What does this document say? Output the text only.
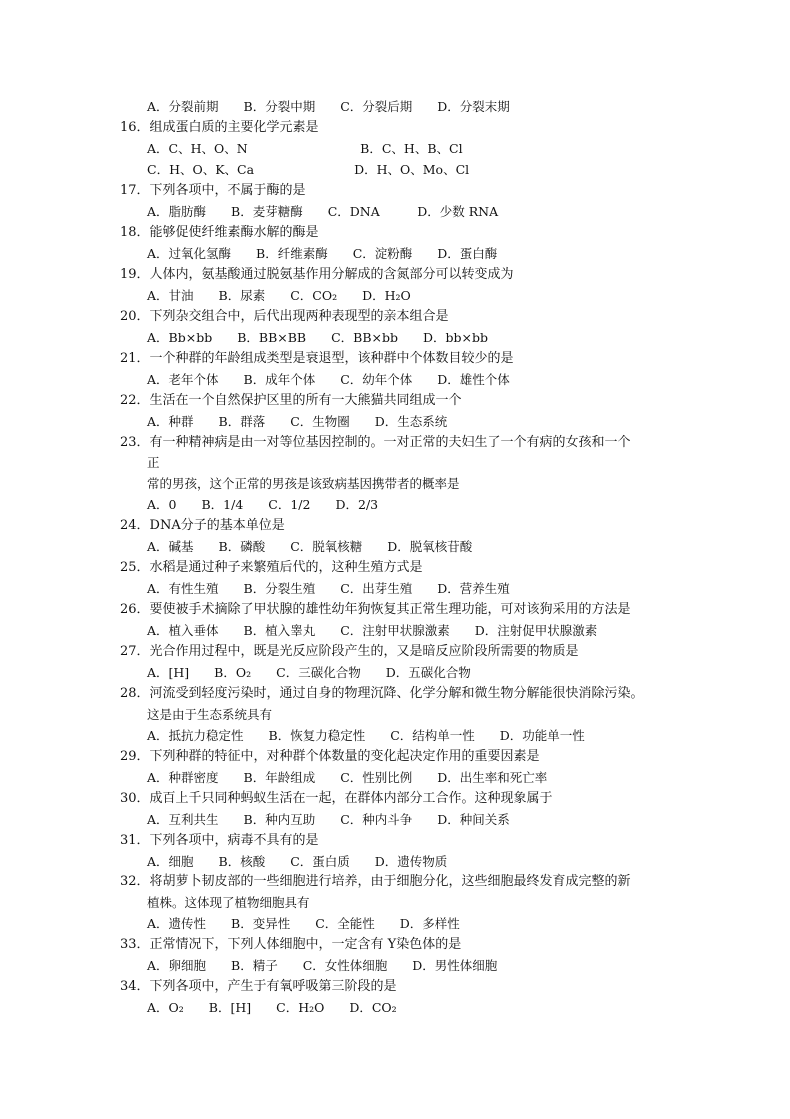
A．分裂前期　　B．分裂中期　　C．分裂后期　　D．分裂末期
16．组成蛋白质的主要化学元素是
A．C、H、O、N　　　　　　　　　B．C、H、B、Cl
C．H、O、K、Ca　　　　　　　　D．H、O、Mo、Cl
17．下列各项中，不属于酶的是
A．脂肪酶　　B．麦芽糖酶　　C．DNA　　　D．少数 RNA
18．能够促使纤维素酶水解的酶是
A．过氧化氢酶　　B．纤维素酶　　C．淀粉酶　　D．蛋白酶
19．人体内，氨基酸通过脱氨基作用分解成的含氮部分可以转变成为
A．甘油　　B．尿素　　C．CO₂　　D．H₂O
20．下列杂交组合中，后代出现两种表现型的亲本组合是
A．Bb×bb　　B．BB×BB　　C．BB×bb　　D．bb×bb
21．一个种群的年龄组成类型是衰退型，该种群中个体数目较少的是
A．老年个体　　B．成年个体　　C．幼年个体　　D．雄性个体
22．生活在一个自然保护区里的所有一大熊猫共同组成一个
A．种群　　B．群落　　C．生物圈　　D．生态系统
23．有一种精神病是由一对等位基因控制的。一对正常的夫妇生了一个有病的女孩和一个
正
常的男孩，这个正常的男孩是该致病基因携带者的概率是
A．0　　B．1/4　　C．1/2　　D．2/3
24．DNA分子的基本单位是
A．碱基　　B．磷酸　　C．脱氧核糖　　D．脱氧核苷酸
25．水稻是通过种子来繁殖后代的，这种生殖方式是
A．有性生殖　　B．分裂生殖　　C．出芽生殖　　D．营养生殖
26．要使被手术摘除了甲状腺的雄性幼年狗恢复其正常生理功能，可对该狗采用的方法是
A．植入垂体　　B．植入睾丸　　C．注射甲状腺激素　　D．注射促甲状腺激素
27．光合作用过程中，既是光反应阶段产生的，又是暗反应阶段所需要的物质是
A．[H]　　B．O₂　　C．三碳化合物　　D．五碳化合物
28．河流受到轻度污染时，通过自身的物理沉降、化学分解和微生物分解能很快消除污染。
这是由于生态系统具有
A．抵抗力稳定性　　B．恢复力稳定性　　C．结构单一性　　D．功能单一性
29．下列种群的特征中，对种群个体数量的变化起决定作用的重要因素是
A．种群密度　　B．年龄组成　　C．性别比例　　D．出生率和死亡率
30．成百上千只同种蚂蚁生活在一起，在群体内部分工合作。这种现象属于
A．互利共生　　B．种内互助　　C．种内斗争　　D．种间关系
31．下列各项中，病毒不具有的是
A．细胞　　B．核酸　　C．蛋白质　　D．遗传物质
32．将胡萝卜韧皮部的一些细胞进行培养，由于细胞分化，这些细胞最终发育成完整的新
植株。这体现了植物细胞具有
A．遗传性　　B．变异性　　C．全能性　　D．多样性
33．正常情况下，下列人体细胞中，一定含有 Y染色体的是
A．卵细胞　　B．精子　　C．女性体细胞　　D．男性体细胞
34．下列各项中，产生于有氧呼吸第三阶段的是
A．O₂　　B．[H]　　C．H₂O　　D．CO₂
